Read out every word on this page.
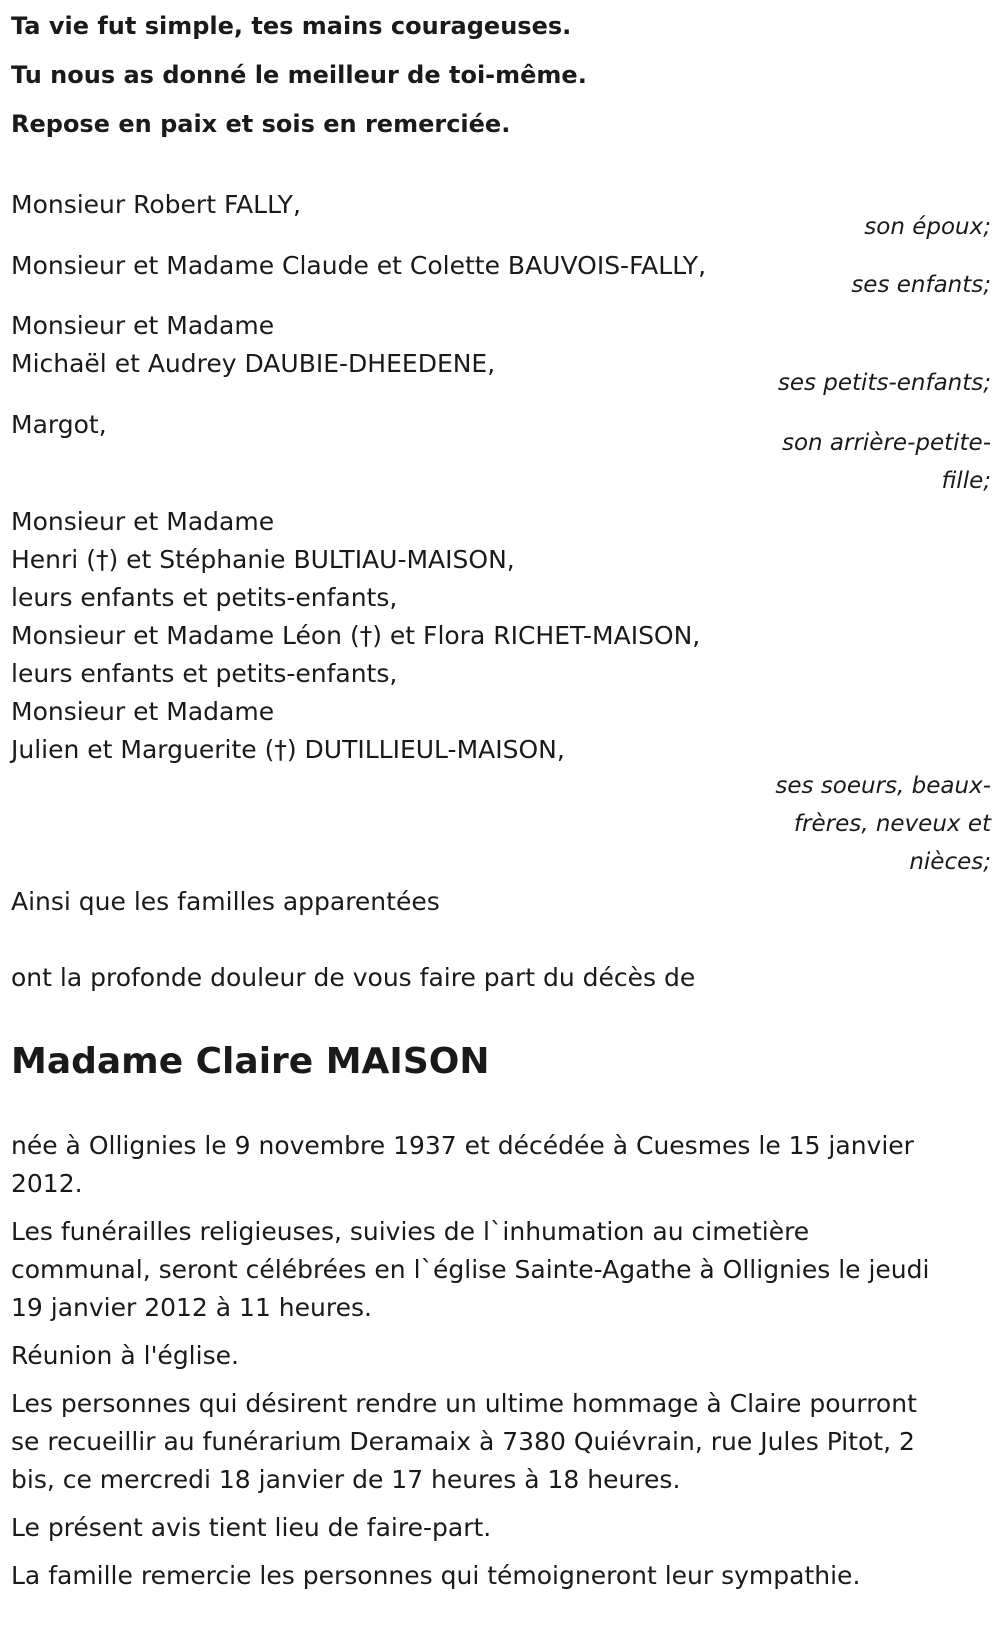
Ta vie fut simple, tes mains courageuses.
Tu nous as donné le meilleur de toi-même.
Repose en paix et sois en remerciée.
Monsieur Robert FALLY,
son époux;
Monsieur et Madame Claude et Colette BAUVOIS-FALLY,
ses enfants;
Monsieur et Madame
Michaël et Audrey DAUBIE-DHEEDENE,
ses petits-enfants;
Margot,
son arrière-petite-
fille;
Monsieur et Madame
Henri (†) et Stéphanie BULTIAU-MAISON,
leurs enfants et petits-enfants,
Monsieur et Madame Léon (†) et Flora RICHET-MAISON,
leurs enfants et petits-enfants,
Monsieur et Madame
Julien et Marguerite (†) DUTILLIEUL-MAISON,
ses soeurs, beaux-
frères, neveux et
nièces;
Ainsi que les familles apparentées
ont la profonde douleur de vous faire part du décès de
Madame Claire MAISON

née à Ollignies le 9 novembre 1937 et décédée à Cuesmes le 15 janvier 2012.

Les funérailles religieuses, suivies de l`inhumation au cimetière communal, seront célébrées en l`église Sainte-Agathe à Ollignies le jeudi 19 janvier 2012 à 11 heures.

Réunion à l'église.

Les personnes qui désirent rendre un ultime hommage à Claire pourront se recueillir au funérarium Deramaix à 7380 Quiévrain, rue Jules Pitot, 2 bis, ce mercredi 18 janvier de 17 heures à 18 heures.

Le présent avis tient lieu de faire-part.

La famille remercie les personnes qui témoigneront leur sympathie.
